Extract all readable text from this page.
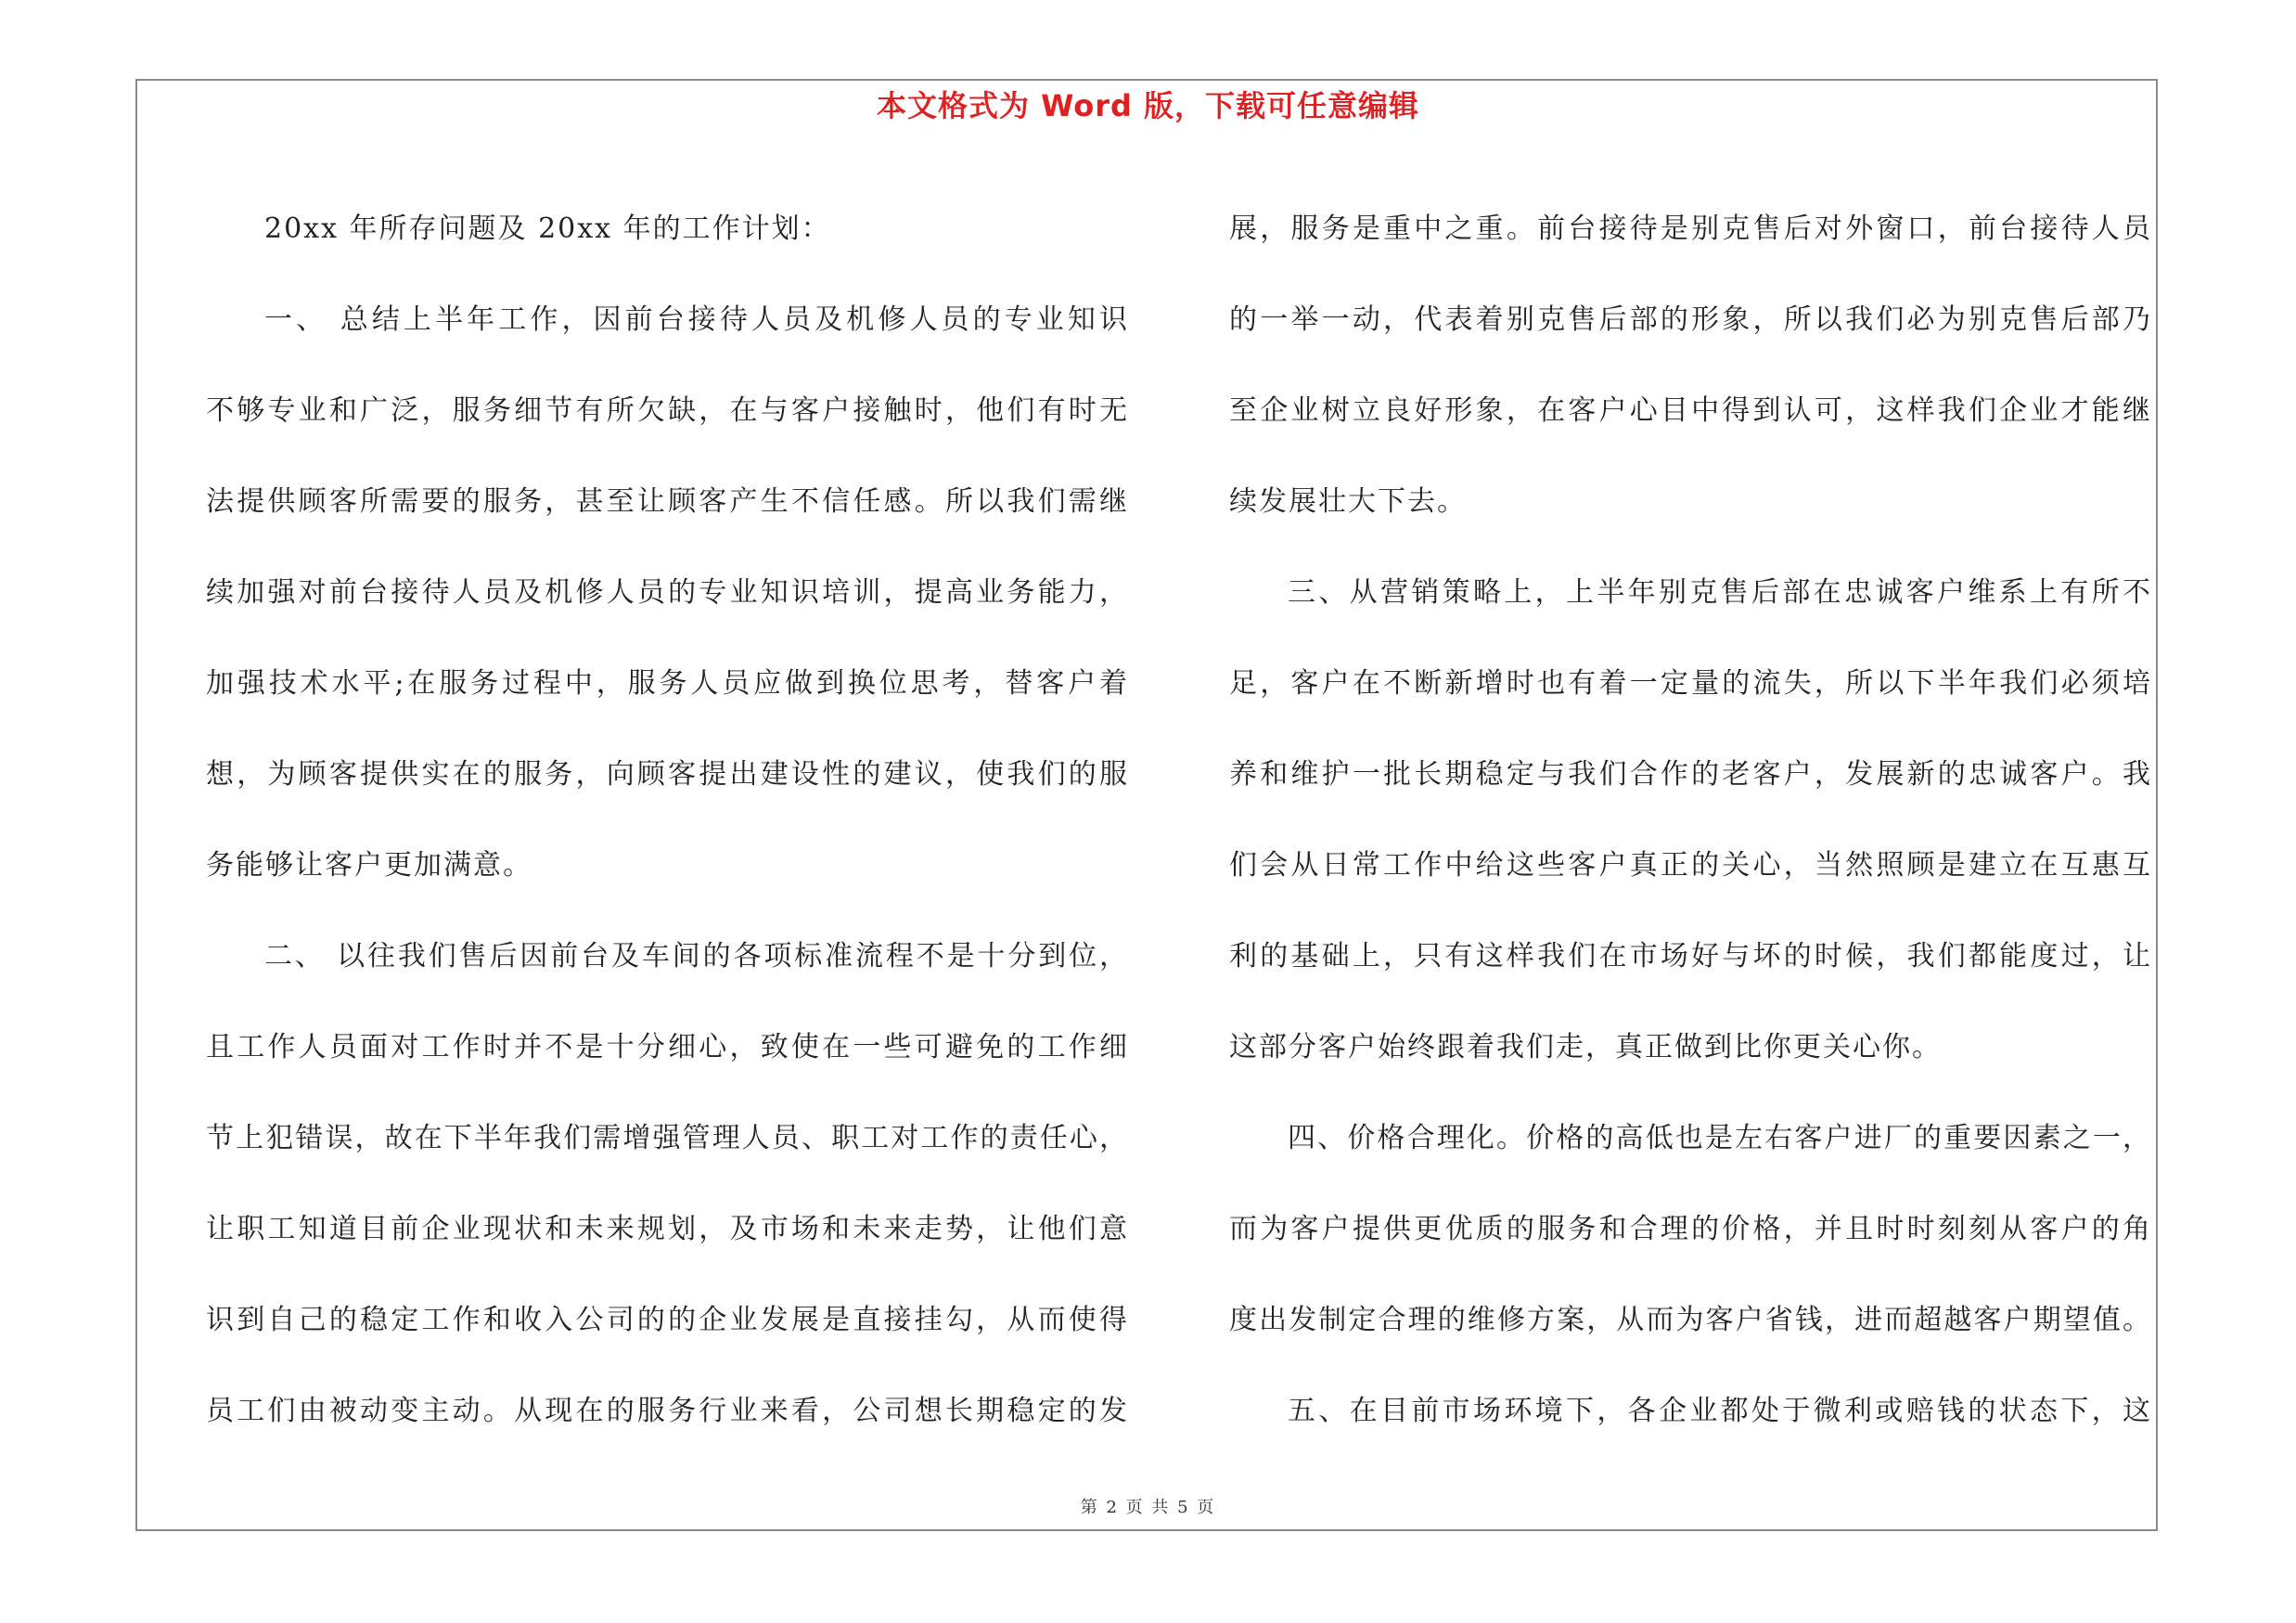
本文格式为 Word 版，下载可任意编辑
20xx 年所存问题及 20xx 年的工作计划：
一、 总结上半年工作，因前台接待人员及机修人员的专业知识
不够专业和广泛，服务细节有所欠缺，在与客户接触时，他们有时无
法提供顾客所需要的服务，甚至让顾客产生不信任感。所以我们需继
续加强对前台接待人员及机修人员的专业知识培训，提高业务能力，
加强技术水平;在服务过程中，服务人员应做到换位思考，替客户着
想，为顾客提供实在的服务，向顾客提出建设性的建议，使我们的服
务能够让客户更加满意。
二、 以往我们售后因前台及车间的各项标准流程不是十分到位，
且工作人员面对工作时并不是十分细心，致使在一些可避免的工作细
节上犯错误，故在下半年我们需增强管理人员、职工对工作的责任心，
让职工知道目前企业现状和未来规划，及市场和未来走势，让他们意
识到自己的稳定工作和收入公司的的企业发展是直接挂勾，从而使得
员工们由被动变主动。从现在的服务行业来看，公司想长期稳定的发
展，服务是重中之重。前台接待是别克售后对外窗口，前台接待人员
的一举一动，代表着别克售后部的形象，所以我们必为别克售后部乃
至企业树立良好形象，在客户心目中得到认可，这样我们企业才能继
续发展壮大下去。
三、从营销策略上，上半年别克售后部在忠诚客户维系上有所不
足，客户在不断新增时也有着一定量的流失，所以下半年我们必须培
养和维护一批长期稳定与我们合作的老客户，发展新的忠诚客户。我
们会从日常工作中给这些客户真正的关心，当然照顾是建立在互惠互
利的基础上，只有这样我们在市场好与坏的时候，我们都能度过，让
这部分客户始终跟着我们走，真正做到比你更关心你。
四、价格合理化。价格的高低也是左右客户进厂的重要因素之一，
而为客户提供更优质的服务和合理的价格，并且时时刻刻从客户的角
度出发制定合理的维修方案，从而为客户省钱，进而超越客户期望值。
五、在目前市场环境下，各企业都处于微利或赔钱的状态下，这
第 2 页 共 5 页
